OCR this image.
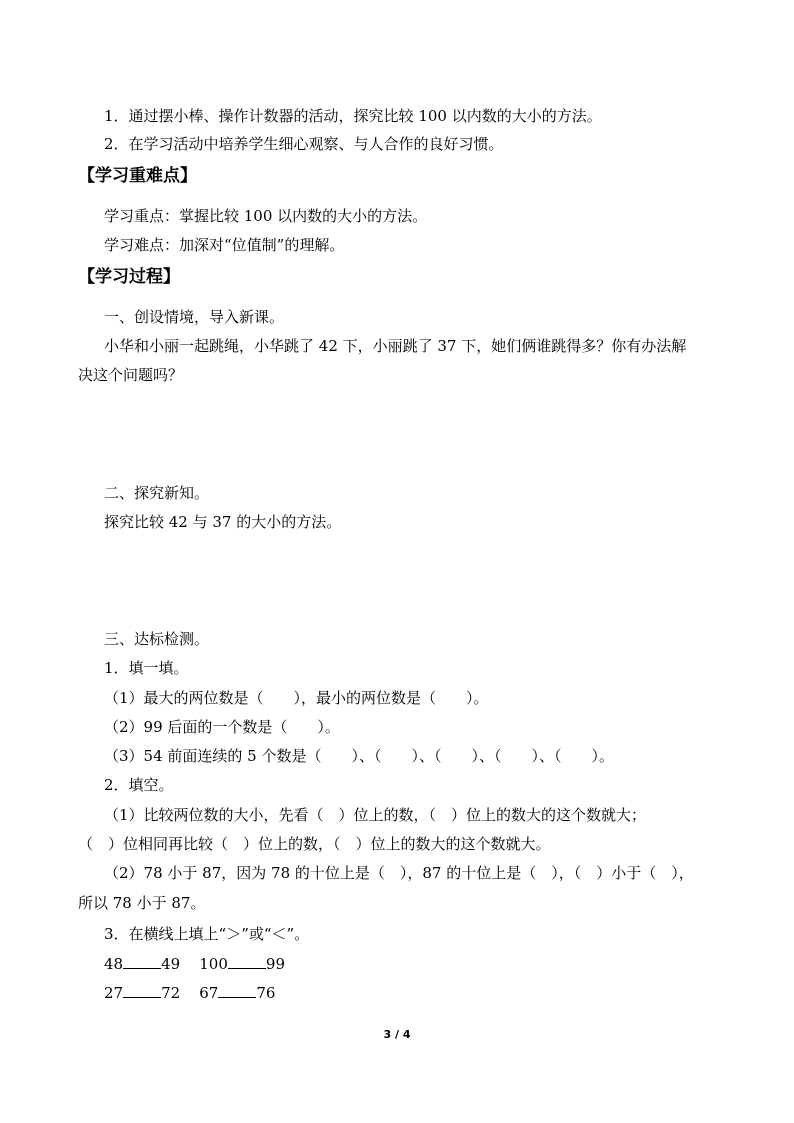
1．通过摆小棒、操作计数器的活动，探究比较 100 以内数的大小的方法。

2．在学习活动中培养学生细心观察、与人合作的良好习惯。

【学习重难点】

学习重点：掌握比较 100 以内数的大小的方法。

学习难点：加深对“位值制”的理解。

【学习过程】

一、创设情境，导入新课。

小华和小丽一起跳绳，小华跳了 42 下，小丽跳了 37 下，她们俩谁跳得多？你有办法解

决这个问题吗？

二、探究新知。

探究比较 42 与 37 的大小的方法。

三、达标检测。

1．填一填。

（1）最大的两位数是（　　），最小的两位数是（　　）。

（2）99 后面的一个数是（　　）。

（3）54 前面连续的 5 个数是（　　）、（　　）、（　　）、（　　）、（　　）。

2．填空。

（1）比较两位数的大小，先看（　）位上的数，（　）位上的数大的这个数就大；

（　）位相同再比较（　）位上的数，（　）位上的数大的这个数就大。

（2）78 小于 87，因为 78 的十位上是（　），87 的十位上是（　），（　）小于（　），

所以 78 小于 87。

3．在横线上填上“＞”或“＜”。

48	49 100	99

27	72 67	76

3 / 4
